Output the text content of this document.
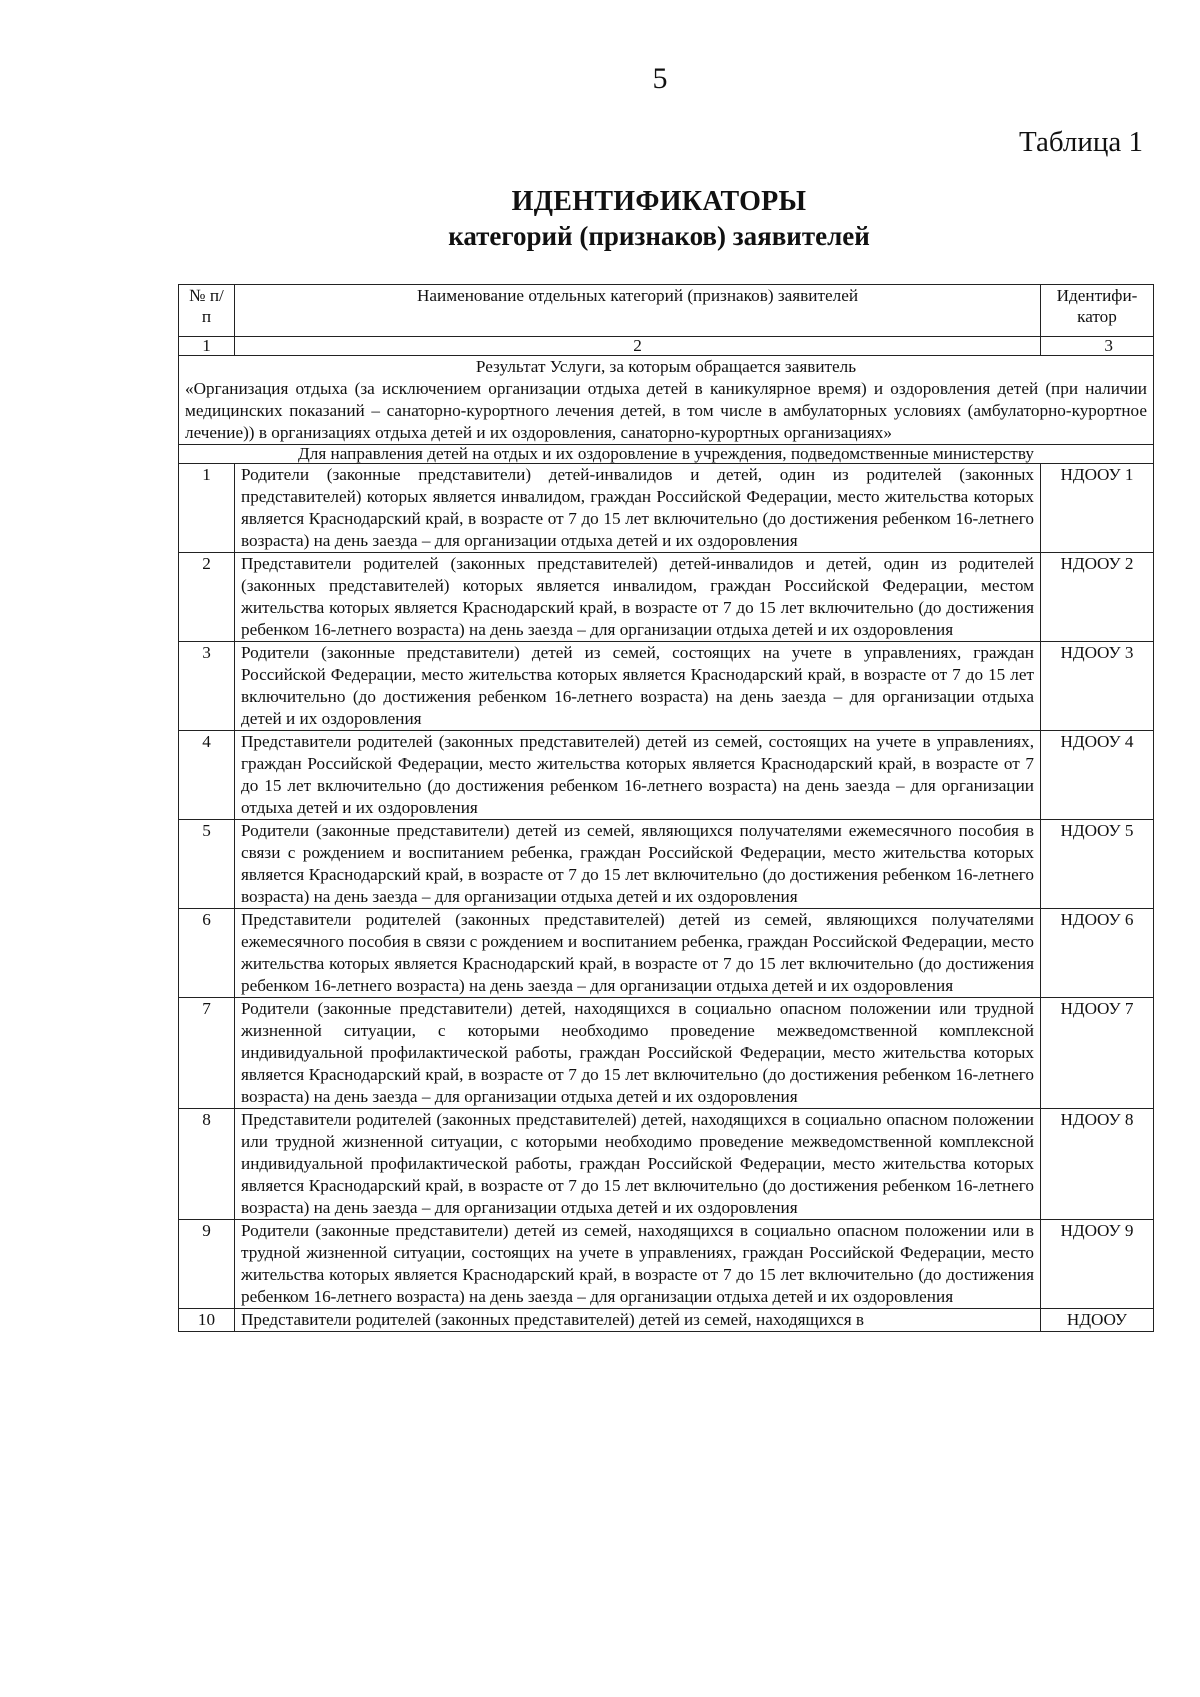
5
Таблица 1
ИДЕНТИФИКАТОРЫ
категорий (признаков) заявителей
№ п/п	Наименование отдельных категорий (признаков) заявителей	Идентифи-катор
1	2	3

Результат Услуги, за которым обращается заявитель
«Организация отдыха (за исключением организации отдыха детей в каникулярное время) и оздоровления детей (при наличии медицинских показаний – санаторно-курортного лечения детей, в том числе в амбулаторных условиях (амбулаторно-курортное лечение)) в организациях отдыха детей и их оздоровления, санаторно-курортных организациях»		

Для направления детей на отдых и их оздоровление в учреждения, подведомственные министерству		
1	Родители (законные представители) детей-инвалидов и детей, один из родителей (законных представителей) которых является инвалидом, граждан Российской Федерации, место жительства которых является Краснодарский край, в возрасте от 7 до 15 лет включительно (до достижения ребенком 16-летнего возраста) на день заезда – для организации отдыха детей и их оздоровления	НДООУ 1
2	Представители родителей (законных представителей) детей-инвалидов и детей, один из родителей (законных представителей) которых является инвалидом, граждан Российской Федерации, местом жительства которых является Краснодарский край, в возрасте от 7 до 15 лет включительно (до достижения ребенком 16-летнего возраста) на день заезда – для организации отдыха детей и их оздоровления	НДООУ 2
3	Родители (законные представители) детей из семей, состоящих на учете в управлениях, граждан Российской Федерации, место жительства которых является Краснодарский край, в возрасте от 7 до 15 лет включительно (до достижения ребенком 16-летнего возраста) на день заезда – для организации отдыха детей и их оздоровления	НДООУ 3
4	Представители родителей (законных представителей) детей из семей, состоящих на учете в управлениях, граждан Российской Федерации, место жительства которых является Краснодарский край, в возрасте от 7 до 15 лет включительно (до достижения ребенком 16-летнего возраста) на день заезда – для организации отдыха детей и их оздоровления	НДООУ 4
5	Родители (законные представители) детей из семей, являющихся получателями ежемесячного пособия в связи с рождением и воспитанием ребенка, граждан Российской Федерации, место жительства которых является Краснодарский край, в возрасте от 7 до 15 лет включительно (до достижения ребенком 16-летнего возраста) на день заезда – для организации отдыха детей и их оздоровления	НДООУ 5
6	Представители родителей (законных представителей) детей из семей, являющихся получателями ежемесячного пособия в связи с рождением и воспитанием ребенка, граждан Российской Федерации, место жительства которых является Краснодарский край, в возрасте от 7 до 15 лет включительно (до достижения ребенком 16-летнего возраста) на день заезда – для организации отдыха детей и их оздоровления	НДООУ 6
7	Родители (законные представители) детей, находящихся в социально опасном положении или трудной жизненной ситуации, с которыми необходимо проведение межведомственной комплексной индивидуальной профилактической работы, граждан Российской Федерации, место жительства которых является Краснодарский край, в возрасте от 7 до 15 лет включительно (до достижения ребенком 16-летнего возраста) на день заезда – для организации отдыха детей и их оздоровления	НДООУ 7
8	Представители родителей (законных представителей) детей, находящихся в социально опасном положении или трудной жизненной ситуации, с которыми необходимо проведение межведомственной комплексной индивидуальной профилактической работы, граждан Российской Федерации, место жительства которых является Краснодарский край, в возрасте от 7 до 15 лет включительно (до достижения ребенком 16-летнего возраста) на день заезда – для организации отдыха детей и их оздоровления	НДООУ 8
9	Родители (законные представители) детей из семей, находящихся в социально опасном положении или в трудной жизненной ситуации, состоящих на учете в управлениях, граждан Российской Федерации, место жительства которых является Краснодарский край, в возрасте от 7 до 15 лет включительно (до достижения ребенком 16-летнего возраста) на день заезда – для организации отдыха детей и их оздоровления	НДООУ 9
10	Представители родителей (законных представителей) детей из семей, находящихся в	НДООУ
